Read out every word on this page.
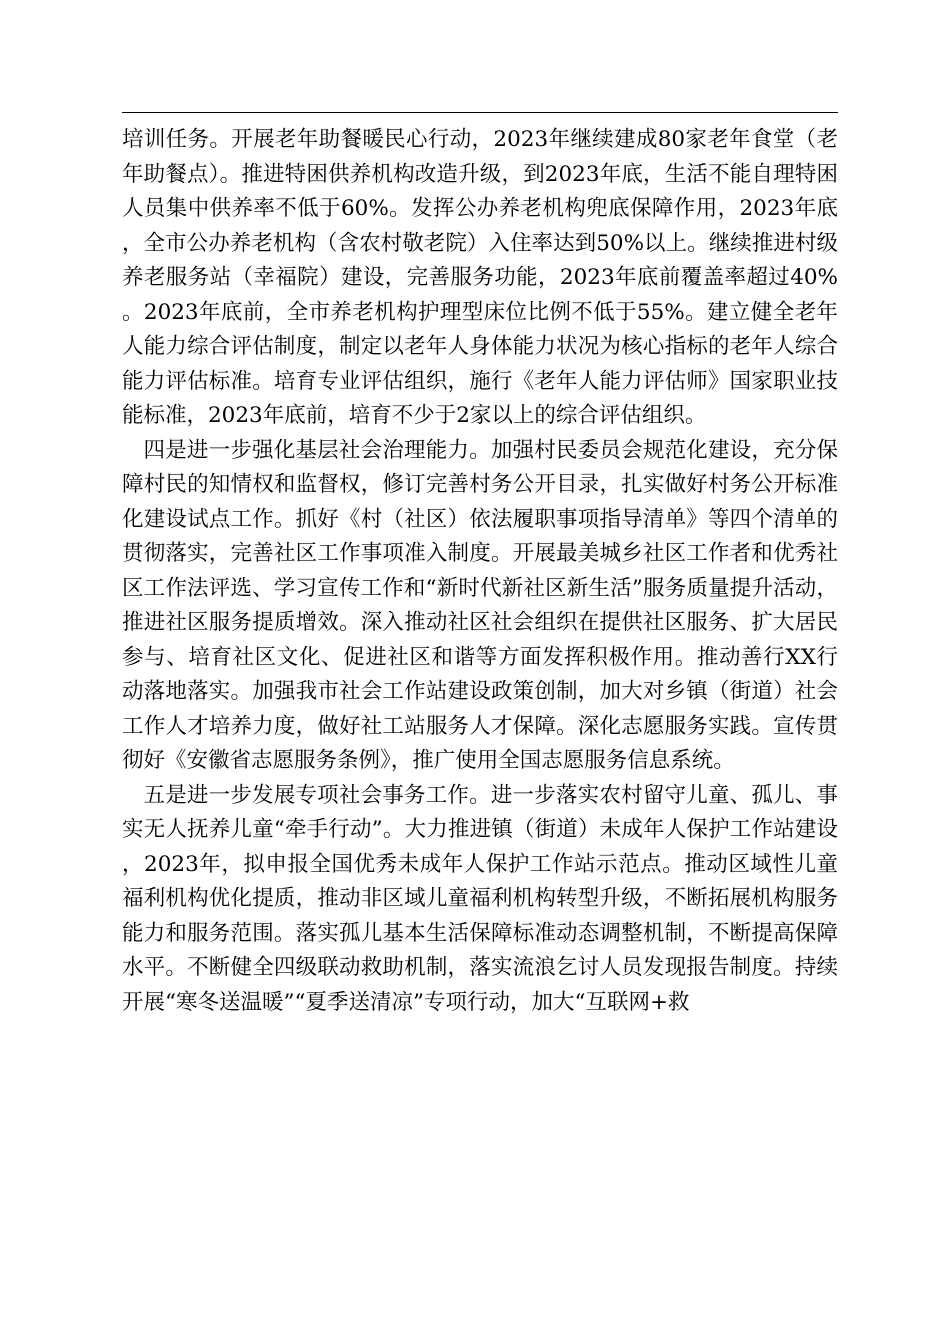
培训任务。开展老年助餐暖民心行动，2023年继续建成80家老年食堂（老年助餐点）。推进特困供养机构改造升级，到2023年底，生活不能自理特困人员集中供养率不低于60%。发挥公办养老机构兜底保障作用，2023年底，全市公办养老机构（含农村敬老院）入住率达到50%以上。继续推进村级养老服务站（幸福院）建设，完善服务功能，2023年底前覆盖率超过40%。2023年底前，全市养老机构护理型床位比例不低于55%。建立健全老年人能力综合评估制度，制定以老年人身体能力状况为核心指标的老年人综合能力评估标准。培育专业评估组织，施行《老年人能力评估师》国家职业技能标准，2023年底前，培育不少于2家以上的综合评估组织。

四是进一步强化基层社会治理能力。加强村民委员会规范化建设，充分保障村民的知情权和监督权，修订完善村务公开目录，扎实做好村务公开标准化建设试点工作。抓好《村（社区）依法履职事项指导清单》等四个清单的贯彻落实，完善社区工作事项准入制度。开展最美城乡社区工作者和优秀社区工作法评选、学习宣传工作和“新时代新社区新生活”服务质量提升活动，推进社区服务提质增效。深入推动社区社会组织在提供社区服务、扩大居民参与、培育社区文化、促进社区和谐等方面发挥积极作用。推动善行XX行动落地落实。加强我市社会工作站建设政策创制，加大对乡镇（街道）社会工作人才培养力度，做好社工站服务人才保障。深化志愿服务实践。宣传贯彻好《安徽省志愿服务条例》，推广使用全国志愿服务信息系统。

五是进一步发展专项社会事务工作。进一步落实农村留守儿童、孤儿、事实无人抚养儿童“牵手行动”。大力推进镇（街道）未成年人保护工作站建设，2023年，拟申报全国优秀未成年人保护工作站示范点。推动区域性儿童福利机构优化提质，推动非区域儿童福利机构转型升级，不断拓展机构服务能力和服务范围。落实孤儿基本生活保障标准动态调整机制，不断提高保障水平。不断健全四级联动救助机制，落实流浪乞讨人员发现报告制度。持续开展“寒冬送温暖”“夏季送清凉”专项行动，加大“互联网+救
